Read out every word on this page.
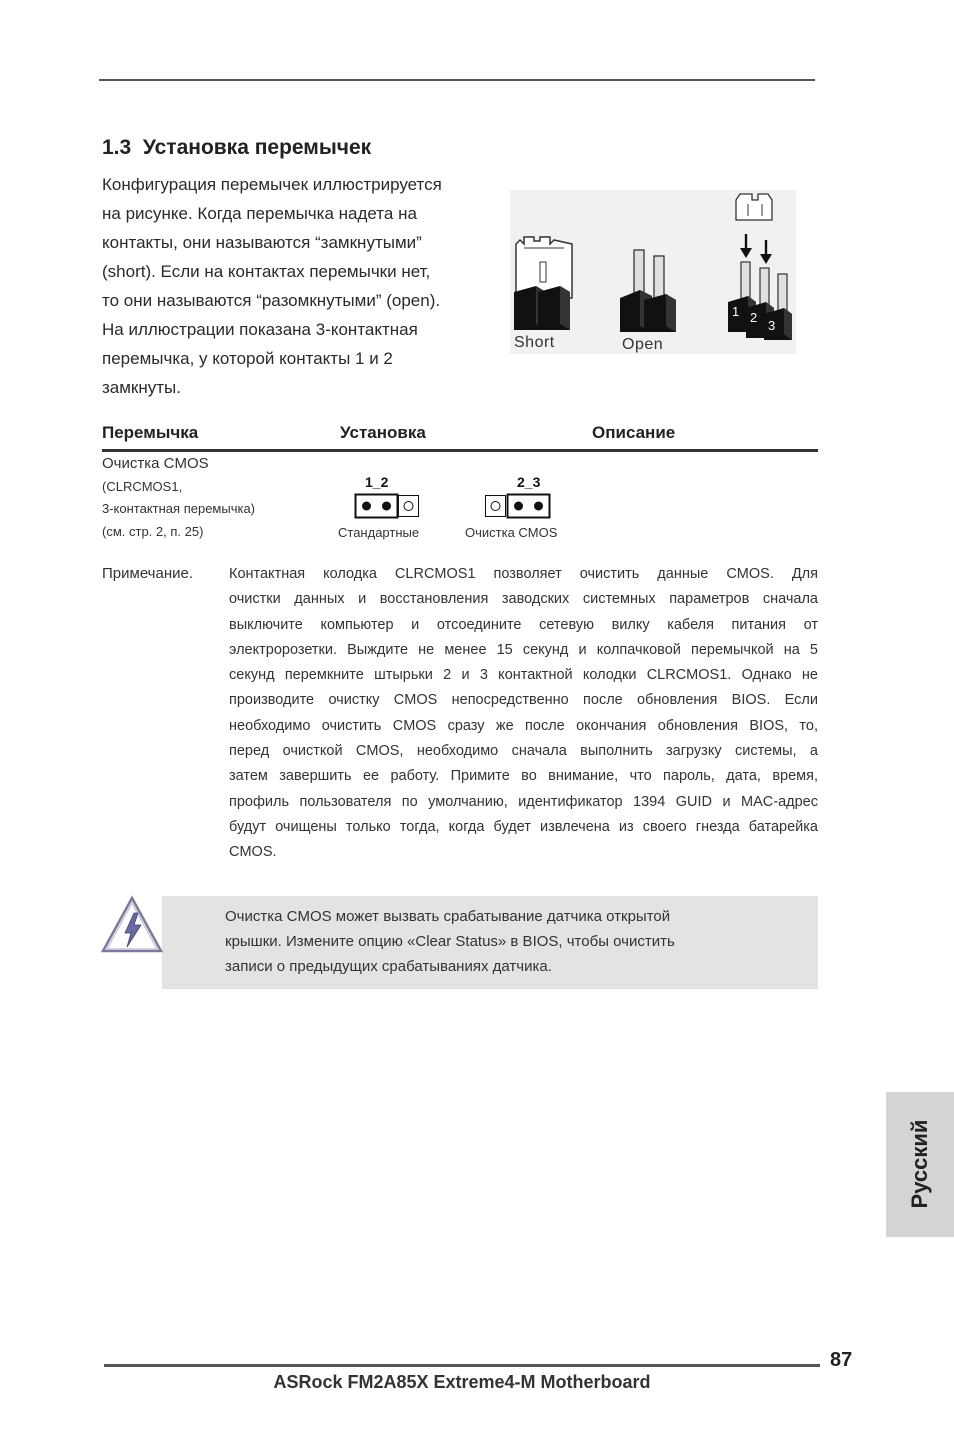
1.3 Установка перемычек
Конфигурация перемычек иллюстрируется
на рисунке. Когда перемычка надета на
контакты, они называются “замкнутыми”
(short). Если на контактах перемычки нет,
то они называются “разомкнутыми” (open).
На иллюстрации показана 3-контактная
перемычка, у которой контакты 1 и 2
замкнуты.
1 2
3
Short	Open
Перемычка	Установка	Описание
Очистка CMOS
(CLRCMOS1,
3-контактная перемычка)
(см. стр. 2, п. 25)
1_2
Стандартные
2_3
Очистка CMOS
Примечание. Контактная колодка CLRCMOS1 позволяет очистить данные CMOS. Для
очистки данных и восстановления заводских системных параметров сначала
выключите компьютер и отсоедините сетевую вилку кабеля питания от
электророзетки. Выждите не менее 15 секунд и колпачковой перемычкой на 5
секунд перемкните штырьки 2 и 3 контактной колодки CLRCMOS1. Однако не
производите очистку CMOS непосредственно после обновления BIOS. Если
необходимо очистить CMOS сразу же после окончания обновления BIOS, то,
перед очисткой CMOS, необходимо сначала выполнить загрузку системы, а
затем завершить ее работу. Примите во внимание, что пароль, дата, время,
профиль пользователя по умолчанию, идентификатор 1394 GUID и MAC-адрес
будут очищены только тогда, когда будет извлечена из своего гнезда батарейка
CMOS.
Очистка CMOS может вызвать срабатывание датчика открытой
крышки. Измените опцию «Clear Status» в BIOS, чтобы очистить
записи о предыдущих срабатываниях датчика.
Русский
87
ASRock FM2A85X Extreme4-M Motherboard
